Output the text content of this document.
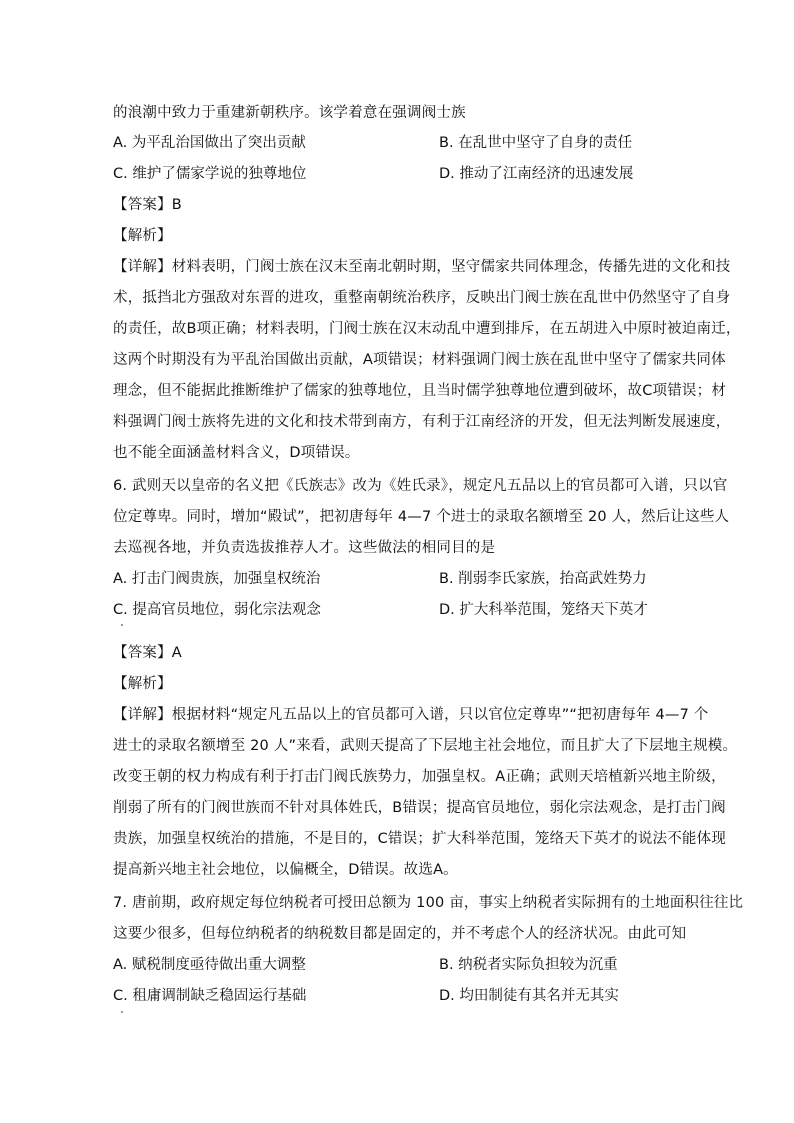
的浪潮中致力于重建新朝秩序。该学着意在强调阀士族
A. 为平乱治国做出了突出贡献	B. 在乱世中坚守了自身的责任
C. 维护了儒家学说的独尊地位	D. 推动了江南经济的迅速发展
【答案】B
【解析】
【详解】材料表明，门阀士族在汉末至南北朝时期，坚守儒家共同体理念，传播先进的文化和技
术，抵挡北方强敌对东晋的进攻，重整南朝统治秩序，反映出门阀士族在乱世中仍然坚守了自身
的责任，故B项正确；材料表明，门阀士族在汉末动乱中遭到排斥，在五胡进入中原时被迫南迁，
这两个时期没有为平乱治国做出贡献，A项错误；材料强调门阀士族在乱世中坚守了儒家共同体
理念，但不能据此推断维护了儒家的独尊地位，且当时儒学独尊地位遭到破坏，故C项错误；材
料强调门阀士族将先进的文化和技术带到南方，有利于江南经济的开发，但无法判断发展速度，
也不能全面涵盖材料含义，D项错误。
6. 武则天以皇帝的名义把《氏族志》改为《姓氏录》，规定凡五品以上的官员都可入谱，只以官
位定尊卑。同时，增加“殿试”，把初唐每年 4—7 个进士的录取名额增至 20 人，然后让这些人
去巡视各地，并负责选拔推荐人才。这些做法的相同目的是
A. 打击门阀贵族，加强皇权统治	B. 削弱李氏家族，抬高武姓势力
C. 提高官员地位，弱化宗法观念	D. 扩大科举范围，笼络天下英才
【答案】A
【解析】
【详解】根据材料“规定凡五品以上的官员都可入谱，只以官位定尊卑”“把初唐每年 4—7 个
进士的录取名额增至 20 人”来看，武则天提高了下层地主社会地位，而且扩大了下层地主规模。
改变王朝的权力构成有利于打击门阀氏族势力，加强皇权。A正确；武则天培植新兴地主阶级，
削弱了所有的门阀世族而不针对具体姓氏，B错误；提高官员地位，弱化宗法观念，是打击门阀
贵族，加强皇权统治的措施，不是目的，C错误；扩大科举范围，笼络天下英才的说法不能体现
提高新兴地主社会地位，以偏概全，D错误。故选A。
7. 唐前期，政府规定每位纳税者可授田总额为 100 亩，事实上纳税者实际拥有的土地面积往往比
这要少很多，但每位纳税者的纳税数目都是固定的，并不考虑个人的经济状况。由此可知
A. 赋税制度亟待做出重大调整	B. 纳税者实际负担较为沉重
C. 租庸调制缺乏稳固运行基础	D. 均田制徒有其名并无其实
